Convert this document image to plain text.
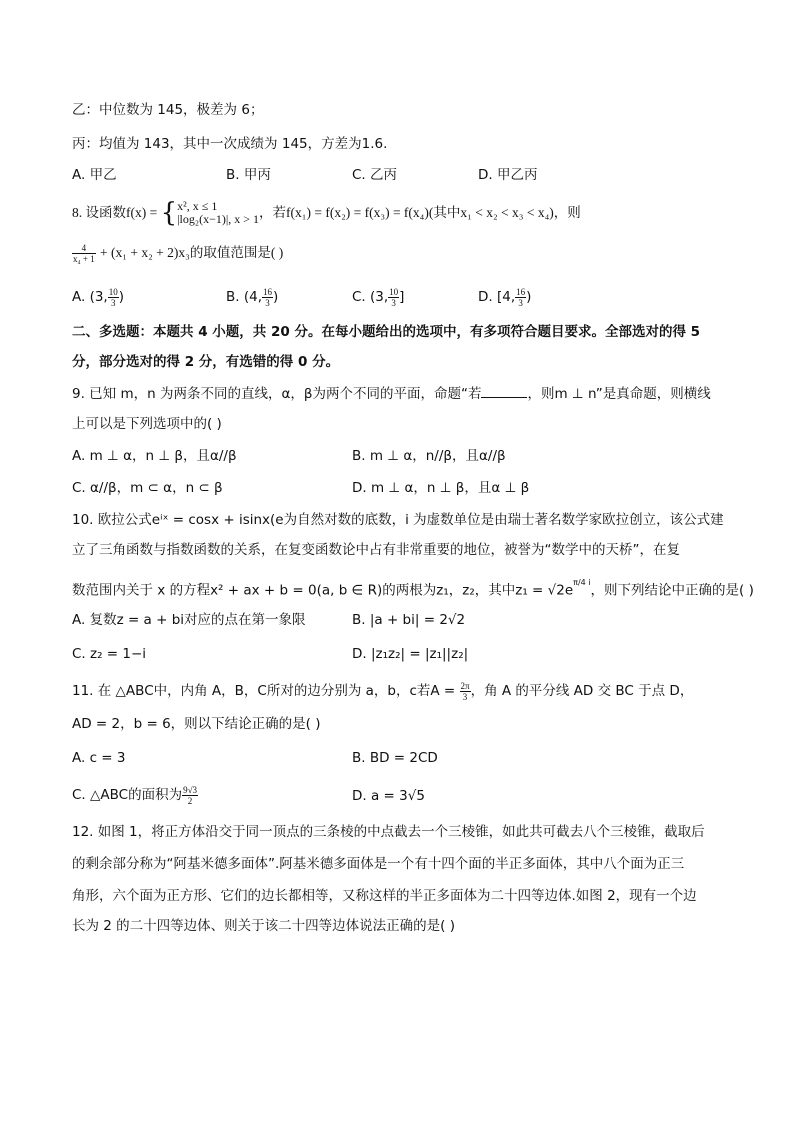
乙：中位数为 145，极差为 6；
丙：均值为 143，其中一次成绩为 145，方差为1.6.
A. 甲乙	B. 甲丙	C. 乙丙	D. 甲乙丙
8. 设函数f(x) = { x², x ≤ 1
|log₂(x−1)|, x > 1 ，若f(x₁) = f(x₂) = f(x₃) = f(x₄)(其中x₁ < x₂ < x₃ < x₄)，则
$\frac{4}{\text{x₄ + 1}} + (x_1 + x_2 + 2)x_3$的取值范围是( )
A. (3, $\frac{10}{3}$ )	B. (4, $\frac{16}{3}$ )	C. (3, $\frac{10}{3}$ ]	D. [4, $\frac{16}{3}$ )
二、多选题：本题共 4 小题，共 20 分。在每小题给出的选项中，有多项符合题目要求。全部选对的得 5
分，部分选对的得 2 分，有选错的得 0 分。
9. 已知 m，n 为两条不同的直线，α，β为两个不同的平面，命题“若	，则m ⊥ n”是真命题，则横线
上可以是下列选项中的( )
A. m ⊥ α，n ⊥ β，且α//β	B. m ⊥ α，n//β，且α//β
C. α//β，m ⊂ α，n ⊂ β	D. m ⊥ α，n ⊥ β，且α ⊥ β
10. 欧拉公式eⁱˣ = cosx + isinx(e为自然对数的底数，i 为虚数单位是由瑞士著名数学家欧拉创立，该公式建
立了三角函数与指数函数的关系，在复变函数论中占有非常重要的地位，被誉为“数学中的天桥”，在复
数范围内关于 x 的方程x² + ax + b = 0(a, b ∈ R)的两根为z₁，z₂，其中$z_1 = √2e^{\pi/4 i}$，则下列结论中正确的是( )
A. 复数z = a + bi对应的点在第一象限	B. |a + bi| = 2√2
C. z₂ = 1−i	D. |z₁z₂| = |z₁||z₂|
11. 在 △ABC中，内角 A，B，C所对的边分别为 a，b，c若$A = \frac{2\pi}{3}$ ，角 A 的平分线 AD 交 BC 于点 D，
AD = 2，b = 6，则以下结论正确的是( )
A. c = 3	B. BD = 2CD
C. △ABC的面积为 $\frac{9√3}{2}$	D. a = 3√5
12. 如图 1，将正方体沿交于同一顶点的三条棱的中点截去一个三棱锥，如此共可截去八个三棱锥，截取后
的剩余部分称为“阿基米德多面体”.阿基米德多面体是一个有十四个面的半正多面体，其中八个面为正三
角形，六个面为正方形、它们的边长都相等，又称这样的半正多面体为二十四等边体.如图 2，现有一个边
长为 2 的二十四等边体、则关于该二十四等边体说法正确的是( )
